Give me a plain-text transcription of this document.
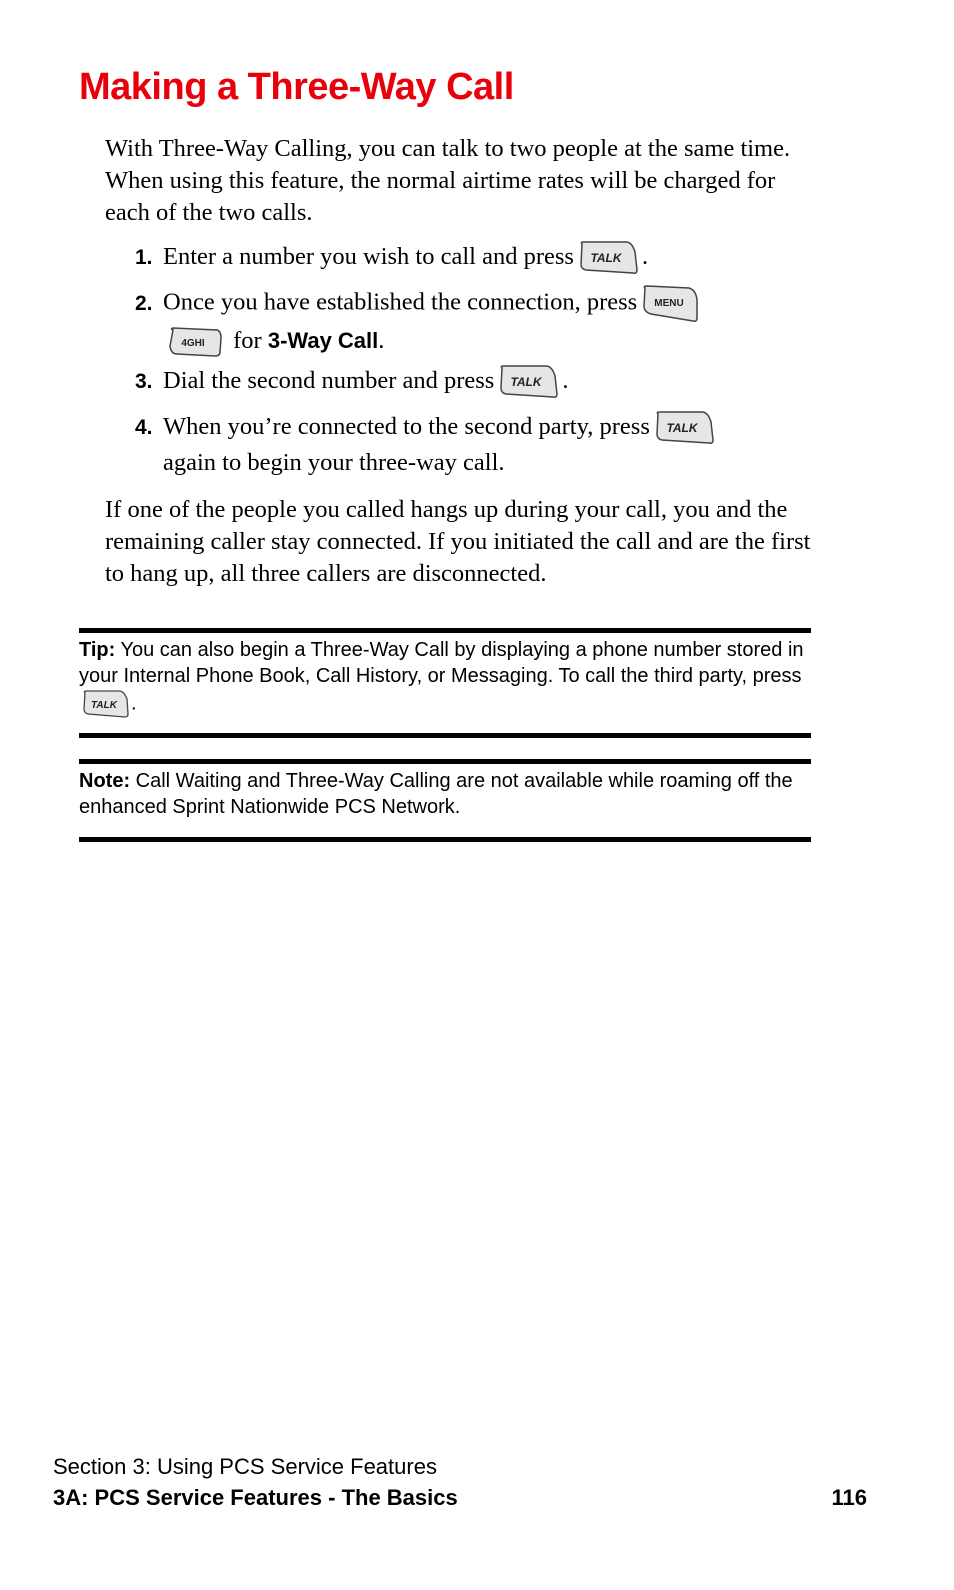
Making a Three-Way Call

With Three-Way Calling, you can talk to two people at the same time. When using this feature, the normal airtime rates will be charged for each of the two calls.

1. Enter a number you wish to call and press TALK .
2. Once you have established the connection, press MENU
4GHI for 3-Way Call.
3. Dial the second number and press TALK .
4. When you’re connected to the second party, press TALK
again to begin your three-way call.

If one of the people you called hangs up during your call, you and the remaining caller stay connected. If you initiated the call and are the first to hang up, all three callers are disconnected.

Tip: You can also begin a Three-Way Call by displaying a phone number stored in your Internal Phone Book, Call History, or Messaging. To call the third party, press
TALK .

Note: Call Waiting and Three-Way Calling are not available while roaming off the enhanced Sprint Nationwide PCS Network.

Section 3: Using PCS Service Features
3A: PCS Service Features - The Basics	116
